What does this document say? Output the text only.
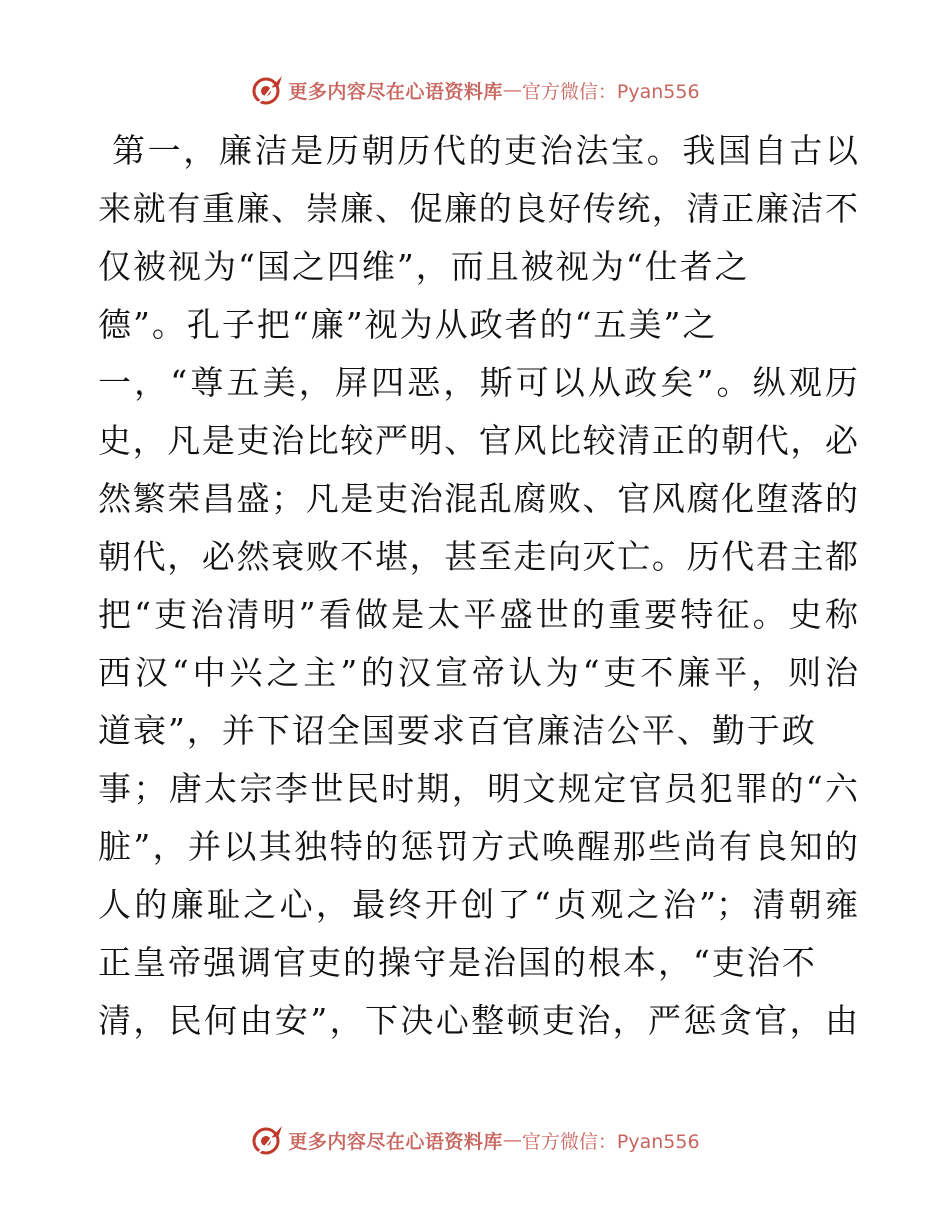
更多内容尽在心语资料库 — 官方微信：Pyan556
第一，廉洁是历朝历代的吏治法宝。我国自古以
来就有重廉、崇廉、促廉的良好传统，清正廉洁不
仅被视为“国之四维”，而且被视为“仕者之
德”。孔子把“廉”视为从政者的“五美”之
一，“尊五美，屏四恶，斯可以从政矣”。纵观历
史，凡是吏治比较严明、官风比较清正的朝代，必
然繁荣昌盛；凡是吏治混乱腐败、官风腐化堕落的
朝代，必然衰败不堪，甚至走向灭亡。历代君主都
把“吏治清明”看做是太平盛世的重要特征。史称
西汉“中兴之主”的汉宣帝认为“吏不廉平，则治
道衰”，并下诏全国要求百官廉洁公平、勤于政
事；唐太宗李世民时期，明文规定官员犯罪的“六
脏”，并以其独特的惩罚方式唤醒那些尚有良知的
人的廉耻之心，最终开创了“贞观之治”；清朝雍
正皇帝强调官吏的操守是治国的根本，“吏治不
清，民何由安”，下决心整顿吏治，严惩贪官，由
更多内容尽在心语资料库 — 官方微信：Pyan556
